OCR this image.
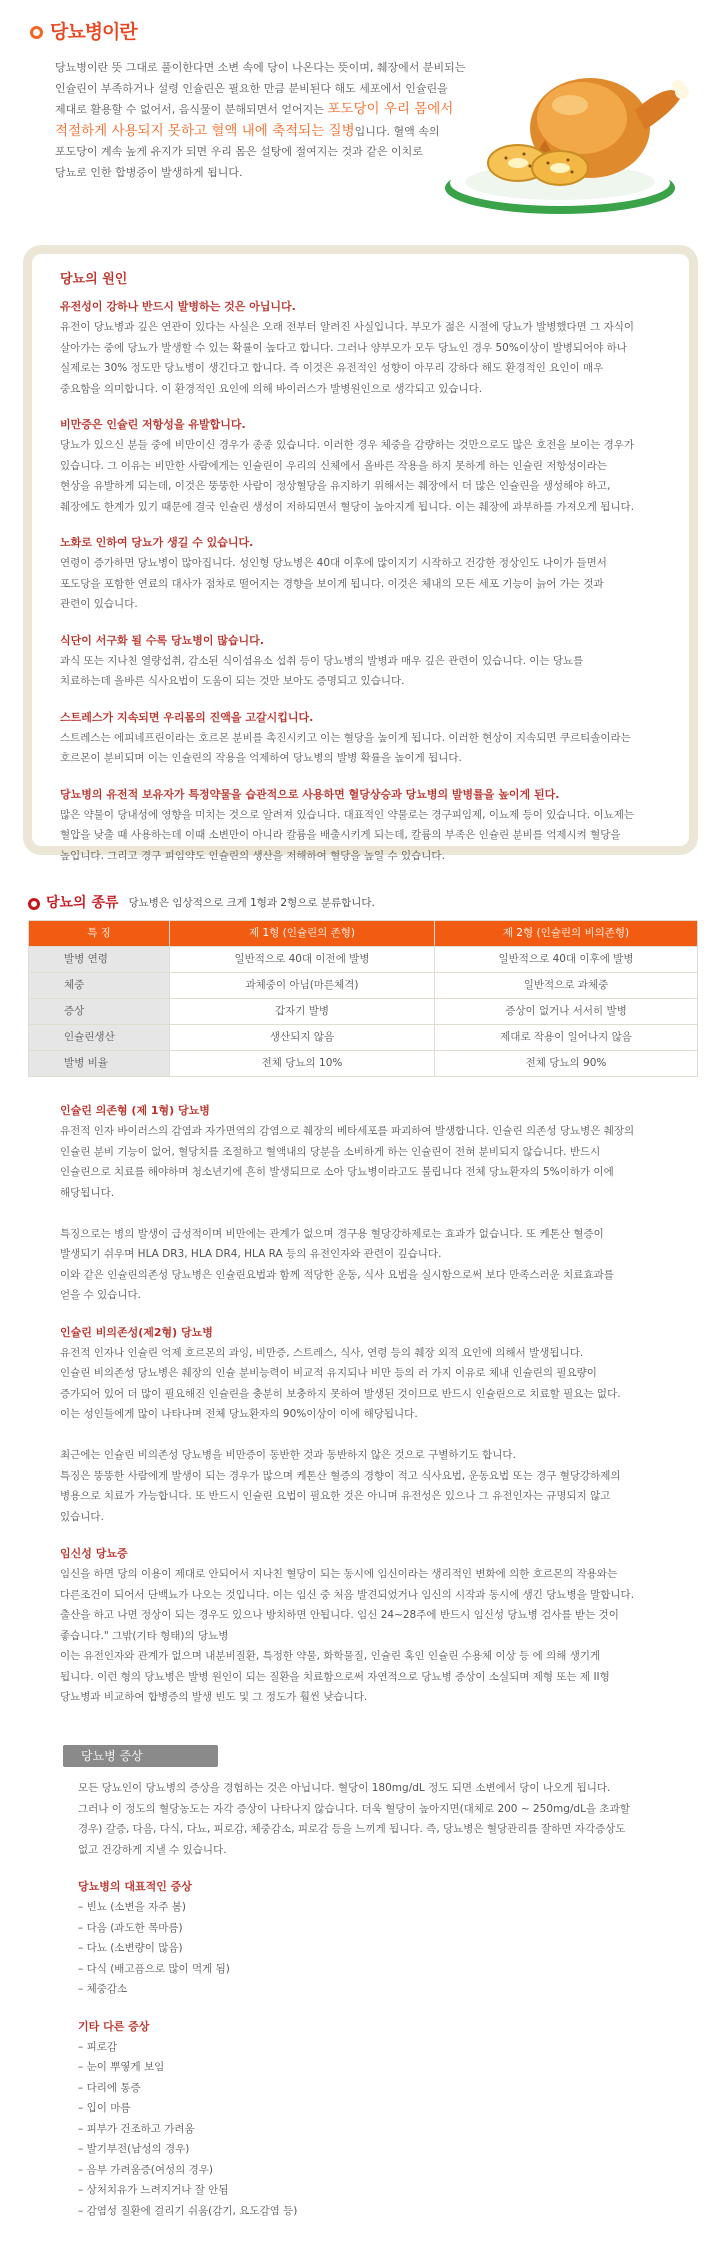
당뇨병이란
당뇨병이란 뜻 그대로 풀이한다면 소변 속에 당이 나온다는 뜻이며, 췌장에서 분비되는
인슐린이 부족하거나 설령 인슐린은 필요한 만큼 분비된다 해도 세포에서 인슐린을
제대로 활용할 수 없어서, 음식물이 분해되면서 얻어지는 포도당이 우리 몸에서
적절하게 사용되지 못하고 혈액 내에 축적되는 질병입니다. 혈액 속의
포도당이 계속 높게 유지가 되면 우리 몸은 설탕에 절여지는 것과 같은 이치로
당뇨로 인한 합병증이 발생하게 됩니다.
당뇨의 원인
유전성이 강하나 반드시 발병하는 것은 아닙니다.
유전이 당뇨병과 깊은 연관이 있다는 사실은 오래 전부터 알려진 사실입니다. 부모가 젊은 시절에 당뇨가 발병했다면 그 자식이
살아가는 중에 당뇨가 발생할 수 있는 확률이 높다고 합니다. 그러나 양부모가 모두 당뇨인 경우 50%이상이 발병되어야 하나
실제로는 30% 정도만 당뇨병이 생긴다고 합니다. 즉 이것은 유전적인 성향이 아무리 강하다 해도 환경적인 요인이 매우
중요함을 의미합니다. 이 환경적인 요인에 의해 바이러스가 발병원인으로 생각되고 있습니다.
비만증은 인슐린 저항성을 유발합니다.
당뇨가 있으신 분들 중에 비만이신 경우가 종종 있습니다. 이러한 경우 체중을 감량하는 것만으로도 많은 호전을 보이는 경우가
있습니다. 그 이유는 비만한 사람에게는 인슐린이 우리의 신체에서 올바른 작용을 하지 못하게 하는 인슐린 저항성이라는
현상을 유발하게 되는데, 이것은 뚱뚱한 사람이 정상혈당을 유지하기 위해서는 췌장에서 더 많은 인슐린을 생성해야 하고,
췌장에도 한계가 있기 때문에 결국 인슐린 생성이 저하되면서 혈당이 높아지게 됩니다. 이는 췌장에 과부하를 가져오게 됩니다.
노화로 인하여 당뇨가 생길 수 있습니다.
연령이 증가하면 당뇨병이 많아집니다. 성인형 당뇨병은 40대 이후에 많이지기 시작하고 건강한 정상인도 나이가 들면서
포도당을 포함한 연료의 대사가 점차로 떨어지는 경향을 보이게 됩니다. 이것은 체내의 모든 세포 기능이 늙어 가는 것과
관련이 있습니다.
식단이 서구화 될 수록 당뇨병이 많습니다.
과식 또는 지나친 열량섭취, 감소된 식이섬유소 섭취 등이 당뇨병의 발병과 매우 깊은 관련이 있습니다. 이는 당뇨를
치료하는데 올바른 식사요법이 도움이 되는 것만 보아도 증명되고 있습니다.
스트레스가 지속되면 우리몸의 진액을 고갈시킵니다.
스트레스는 에피네프린이라는 호르몬 분비를 촉진시키고 이는 혈당을 높이게 됩니다. 이러한 현상이 지속되면 쿠르티솔이라는
호르몬이 분비되며 이는 인슐린의 작용을 억제하여 당뇨병의 발병 확률을 높이게 됩니다.
당뇨병의 유전적 보유자가 특정약물을 습관적으로 사용하면 혈당상승과 당뇨병의 발병률을 높이게 된다.
많은 약물이 당내성에 영향을 미치는 것으로 알려져 있습니다. 대표적인 약물로는 경구피임제, 이뇨제 등이 있습니다. 이뇨제는
혈압을 낮출 때 사용하는데 이때 소변만이 아니라 칼륨을 배출시키게 되는데, 칼륨의 부족은 인슐린 분비를 억제시켜 혈당을
높입니다. 그리고 경구 피임약도 인슐린의 생산을 저해하여 혈당을 높일 수 있습니다.
당뇨의 종류 당뇨병은 임상적으로 크게 1형과 2형으로 분류합니다.
특 징	제 1형 (인슐린의 존형)	제 2형 (인슐린의 비의존형)
발병 연령	일반적으로 40대 이전에 발병	일반적으로 40대 이후에 발병
체중	과체중이 아님(마른체격)	일반적으로 과체중
증상	갑자기 발병	증상이 없거나 서서히 발병
인슐린생산	생산되지 않음	제대로 작용이 일어나지 않음
발병 비율	전체 당뇨의 10%	전체 당뇨의 90%
인슐린 의존형 (제 1형) 당뇨병
유전적 인자 바이러스의 감염과 자가면역의 감염으로 췌장의 베타세포를 파괴하여 발생합니다. 인슐린 의존성 당뇨병은 췌장의
인슐린 분비 기능이 없어, 혈당치를 조절하고 혈액내의 당분을 소비하게 하는 인슐린이 전혀 분비되지 않습니다. 반드시
인슐린으로 치료를 해야하며 청소년기에 흔히 발생되므로 소아 당뇨병이라고도 불립니다 전체 당뇨환자의 5%이하가 이에
해당됩니다.
특징으로는 병의 발생이 급성적이며 비만에는 관계가 없으며 경구용 혈당강하제로는 효과가 없습니다. 또 케톤산 혈증이
발생되기 쉬우며 HLA DR3, HLA DR4, HLA RA 등의 유전인자와 관련이 깊습니다.
이와 같은 인슐린의존성 당뇨병은 인슐린요법과 함께 적당한 운동, 식사 요법을 실시함으로써 보다 만족스러운 치료효과를
얻을 수 있습니다.
인슐린 비의존성(제2형) 당뇨병
유전적 인자나 인슐린 억제 호르몬의 과잉, 비만증, 스트레스, 식사, 연령 등의 췌장 외적 요인에 의해서 발생됩니다.
인슐린 비의존성 당뇨병은 췌장의 인슐 분비능력이 비교적 유지되나 비만 등의 러 가지 이유로 체내 인슐린의 필요량이
증가되어 있어 더 많이 필요해진 인슐린을 충분히 보충하지 못하여 발생된 것이므로 반드시 인슐린으로 치료할 필요는 없다.
이는 성인들에게 많이 나타나며 전체 당뇨환자의 90%이상이 이에 해당됩니다.
최근에는 인슐린 비의존성 당뇨병을 비만증이 동반한 것과 동반하지 않은 것으로 구별하기도 합니다.
특징은 뚱뚱한 사람에게 발생이 되는 경우가 많으며 케톤산 혈증의 경향이 적고 식사요법, 운동요법 또는 경구 혈당강하제의
병용으로 치료가 가능합니다. 또 반드시 인슐린 요법이 필요한 것은 아니며 유전성은 있으나 그 유전인자는 규명되지 않고
있습니다.
임신성 당뇨증
임신을 하면 당의 이용이 제대로 안되어서 지나친 혈당이 되는 동시에 임신이라는 생리적인 변화에 의한 호르몬의 작용와는
다른조건이 되어서 단백뇨가 나오는 것입니다. 이는 임신 중 처음 발견되었거나 임신의 시작과 동시에 생긴 당뇨병을 말합니다.
출산을 하고 나면 정상이 되는 경우도 있으나 방치하면 안됩니다. 임신 24~28주에 반드시 임신성 당뇨병 검사를 받는 것이
좋습니다." 그밖(기타 형태)의 당뇨병
이는 유전인자와 관계가 없으며 내분비질환, 특정한 약물, 화학물질, 인슐린 혹인 인슐린 수용체 이상 등 에 의해 생기게
됩니다. 이런 형의 당뇨병은 발병 원인이 되는 질환을 치료함으로써 자연적으로 당뇨병 증상이 소실되며 제형 또는 제 II형
당뇨병과 비교하여 합병증의 발생 빈도 및 그 정도가 훨씬 낮습니다.
당뇨병 증상
모든 당뇨인이 당뇨병의 증상을 경험하는 것은 아닙니다. 혈당이 180mg/dL 정도 되면 소변에서 당이 나오게 됩니다.
그러나 이 정도의 혈당농도는 자각 증상이 나타나지 않습니다. 더욱 혈당이 높아지면(대체로 200 ~ 250mg/dL을 초과할
경우) 갈증, 다음, 다식, 다뇨, 피로감, 체중감소, 피로감 등을 느끼게 됩니다. 즉, 당뇨병은 혈당관리를 잘하면 자각증상도
없고 건강하게 지낼 수 있습니다.
당뇨병의 대표적인 증상
– 빈뇨 (소변을 자주 봄)
– 다음 (과도한 목마름)
– 다뇨 (소변량이 많음)
– 다식 (배고픔으로 많이 먹게 됨)
– 체중감소
기타 다른 증상
– 피로감
– 눈이 뿌옇게 보임
– 다리에 통증
– 입이 마름
– 피부가 건조하고 가려움
– 발기부전(남성의 경우)
– 음부 가려움증(여성의 경우)
– 상처치유가 느려지거나 잘 안됨
– 감염성 질환에 걸리기 쉬움(감기, 요도감염 등)
